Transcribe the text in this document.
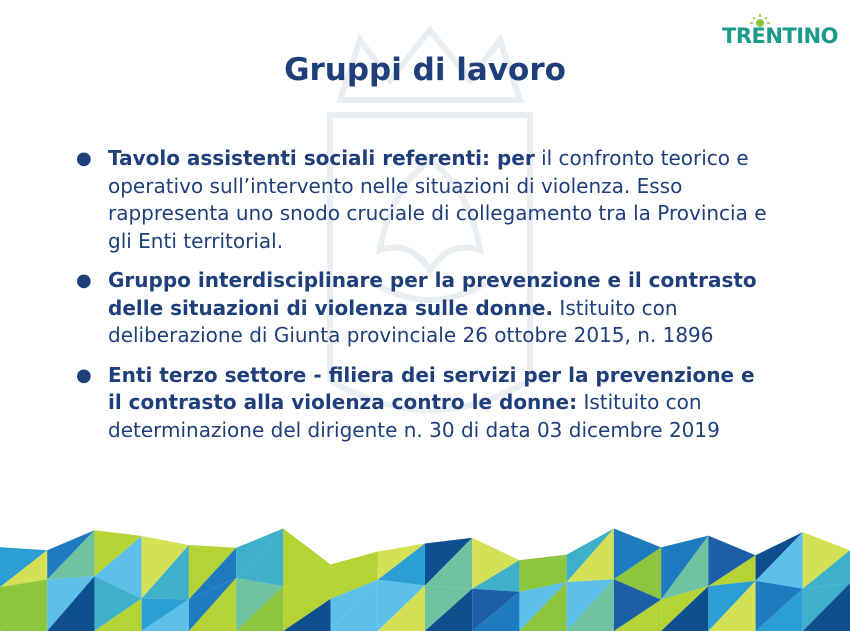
TRENTINO
Gruppi di lavoro
● Tavolo assistenti sociali referenti: per il confronto teorico e operativo sull’intervento nelle situazioni di violenza. Esso rappresenta uno snodo cruciale di collegamento tra la Provincia e gli Enti territorial.
● Gruppo interdisciplinare per la prevenzione e il contrasto delle situazioni di violenza sulle donne. Istituito con deliberazione di Giunta provinciale 26 ottobre 2015, n. 1896
● Enti terzo settore - filiera dei servizi per la prevenzione e il contrasto alla violenza contro le donne: Istituito con determinazione del dirigente n. 30 di data 03 dicembre 2019
